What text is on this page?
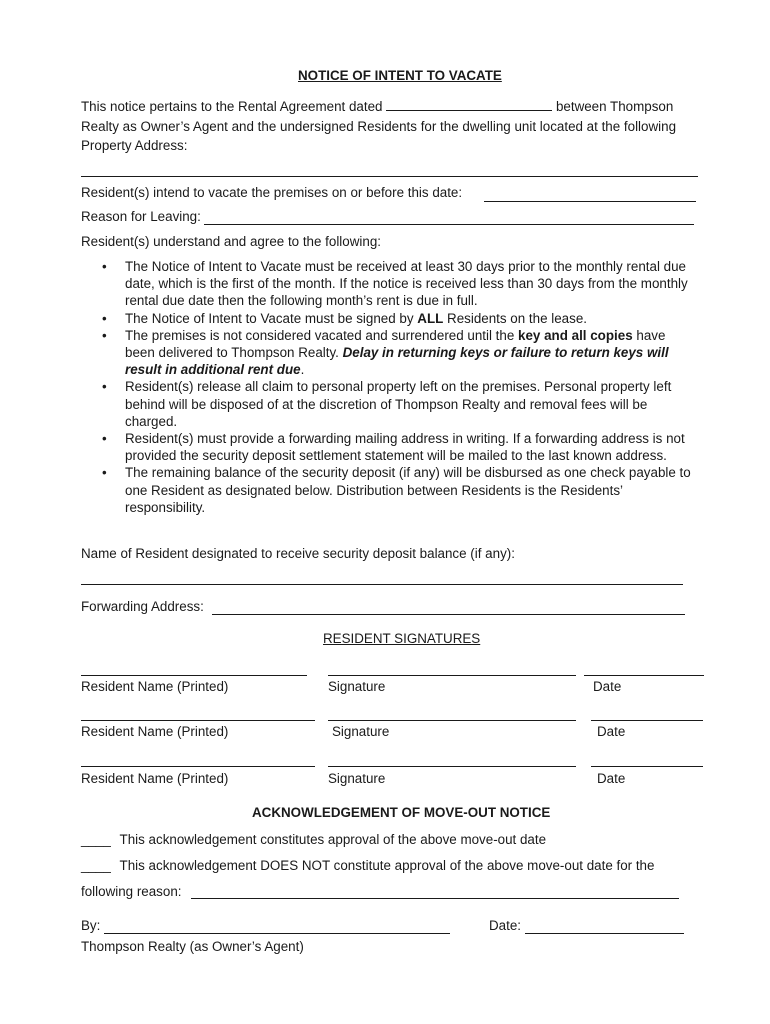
NOTICE OF INTENT TO VACATE
This notice pertains to the Rental Agreement dated	between Thompson Realty as Owner’s Agent and the undersigned Residents for the dwelling unit located at the following Property Address:
Resident(s) intend to vacate the premises on or before this date:
Reason for Leaving:
Resident(s) understand and agree to the following:
• The Notice of Intent to Vacate must be received at least 30 days prior to the monthly rental due date, which is the first of the month. If the notice is received less than 30 days from the monthly rental due date then the following month’s rent is due in full.
• The Notice of Intent to Vacate must be signed by ALL Residents on the lease.
• The premises is not considered vacated and surrendered until the key and all copies have been delivered to Thompson Realty. Delay in returning keys or failure to return keys will result in additional rent due.
• Resident(s) release all claim to personal property left on the premises. Personal property left behind will be disposed of at the discretion of Thompson Realty and removal fees will be charged.
• Resident(s) must provide a forwarding mailing address in writing. If a forwarding address is not provided the security deposit settlement statement will be mailed to the last known address.
• The remaining balance of the security deposit (if any) will be disbursed as one check payable to one Resident as designated below. Distribution between Residents is the Residents’ responsibility.
Name of Resident designated to receive security deposit balance (if any):
Forwarding Address:
RESIDENT SIGNATURES
Resident Name (Printed)	Signature	Date
Resident Name (Printed)	Signature	Date
Resident Name (Printed)	Signature	Date
ACKNOWLEDGEMENT OF MOVE-OUT NOTICE
____ This acknowledgement constitutes approval of the above move-out date
____ This acknowledgement DOES NOT constitute approval of the above move-out date for the
following reason:
By:	Date:
Thompson Realty (as Owner’s Agent)
